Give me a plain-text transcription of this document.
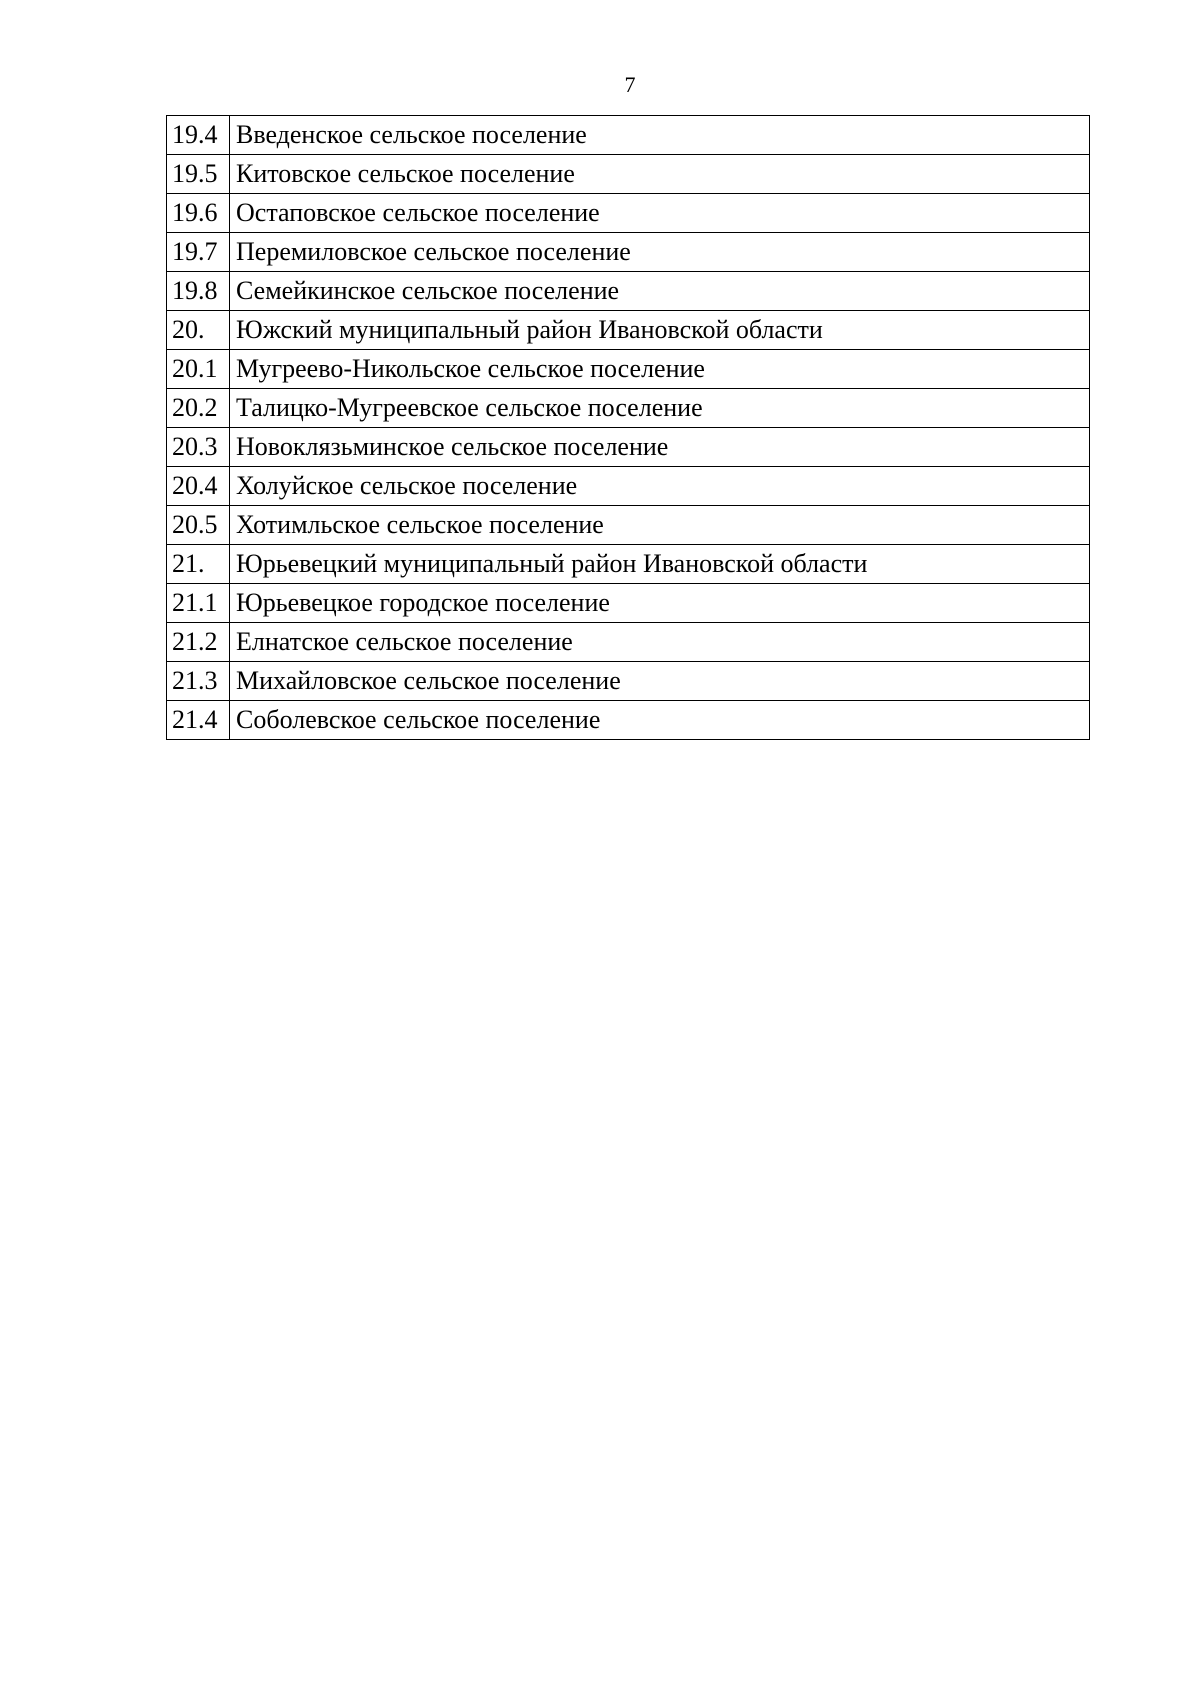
7
19.4	Введенское сельское поселение
19.5	Китовское сельское поселение
19.6	Остаповское сельское поселение
19.7	Перемиловское сельское поселение
19.8	Семейкинское сельское поселение
20.	Южский муниципальный район Ивановской области
20.1	Мугреево-Никольское сельское поселение
20.2	Талицко-Мугреевское сельское поселение
20.3	Новоклязьминское сельское поселение
20.4	Холуйское сельское поселение
20.5	Хотимльское сельское поселение
21.	Юрьевецкий муниципальный район Ивановской области
21.1	Юрьевецкое городское поселение
21.2	Елнатское сельское поселение
21.3	Михайловское сельское поселение
21.4	Соболевское сельское поселение
